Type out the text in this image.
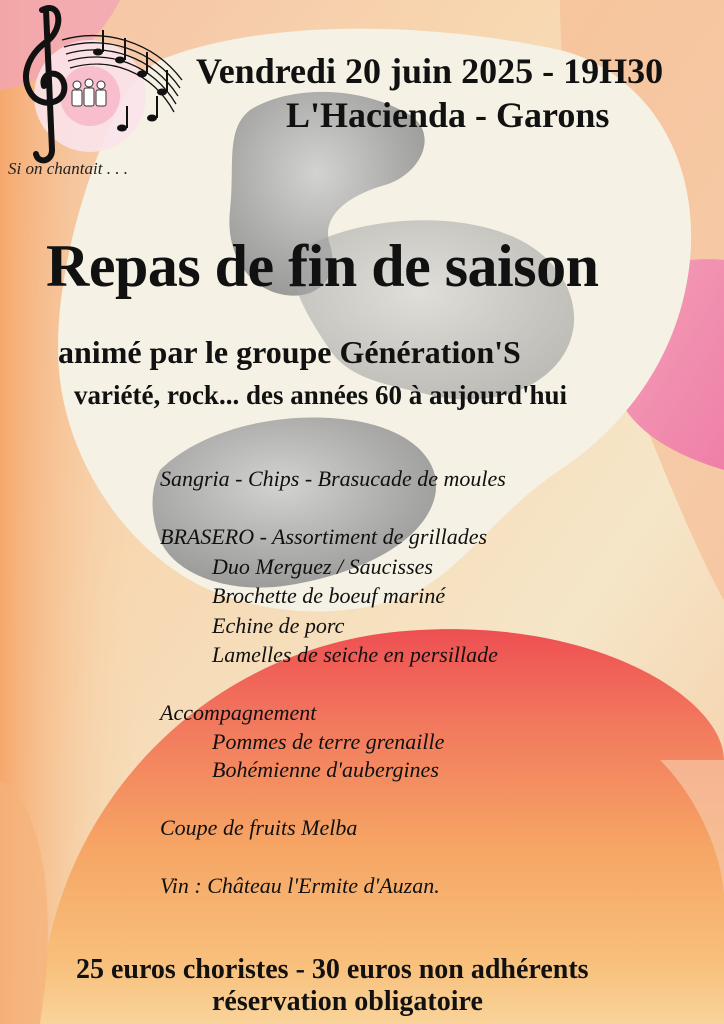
Si on chantait . . .
Vendredi 20 juin 2025 - 19H30
L'Hacienda - Garons
Repas de fin de saison
animé par le groupe Génération'S
variété, rock... des années 60 à aujourd'hui
Sangria - Chips - Brasucade de moules
BRASERO - Assortiment de grillades
Duo Merguez / Saucisses
Brochette de boeuf mariné
Echine de porc
Lamelles de seiche en persillade
Accompagnement
Pommes de terre grenaille
Bohémienne d'aubergines
Coupe de fruits Melba
Vin : Château l'Ermite d'Auzan.
25 euros choristes - 30 euros non adhérents
réservation obligatoire
